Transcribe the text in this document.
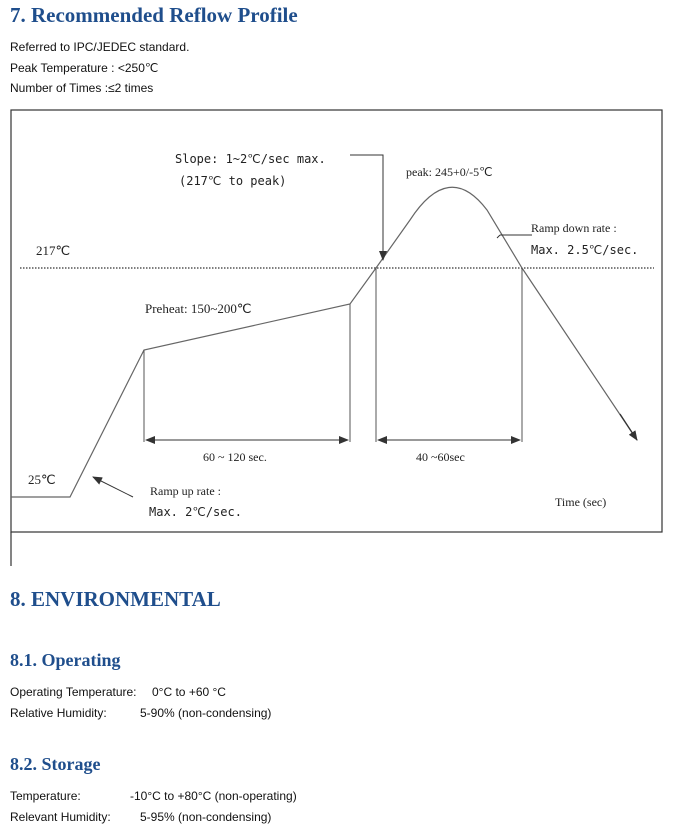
7. Recommended Reflow Profile
Referred to IPC/JEDEC standard.
Peak Temperature : <250℃
Number of Times :≤2 times
217℃
25℃
Slope: 1~2℃/sec max.
(217℃ to peak)
peak: 245+0/-5℃
Ramp down rate :
Max. 2.5℃/sec.
Preheat: 150~200℃
60 ~ 120 sec.	40 ~60sec
Ramp up rate :
Max. 2℃/sec.
Time (sec)
8. ENVIRONMENTAL
8.1. Operating
Operating Temperature: 0°C to +60 °C
Relative Humidity:	5-90% (non-condensing)
8.2. Storage
Temperature:	-10°C to +80°C (non-operating)
Relevant Humidity: 5-95% (non-condensing)
